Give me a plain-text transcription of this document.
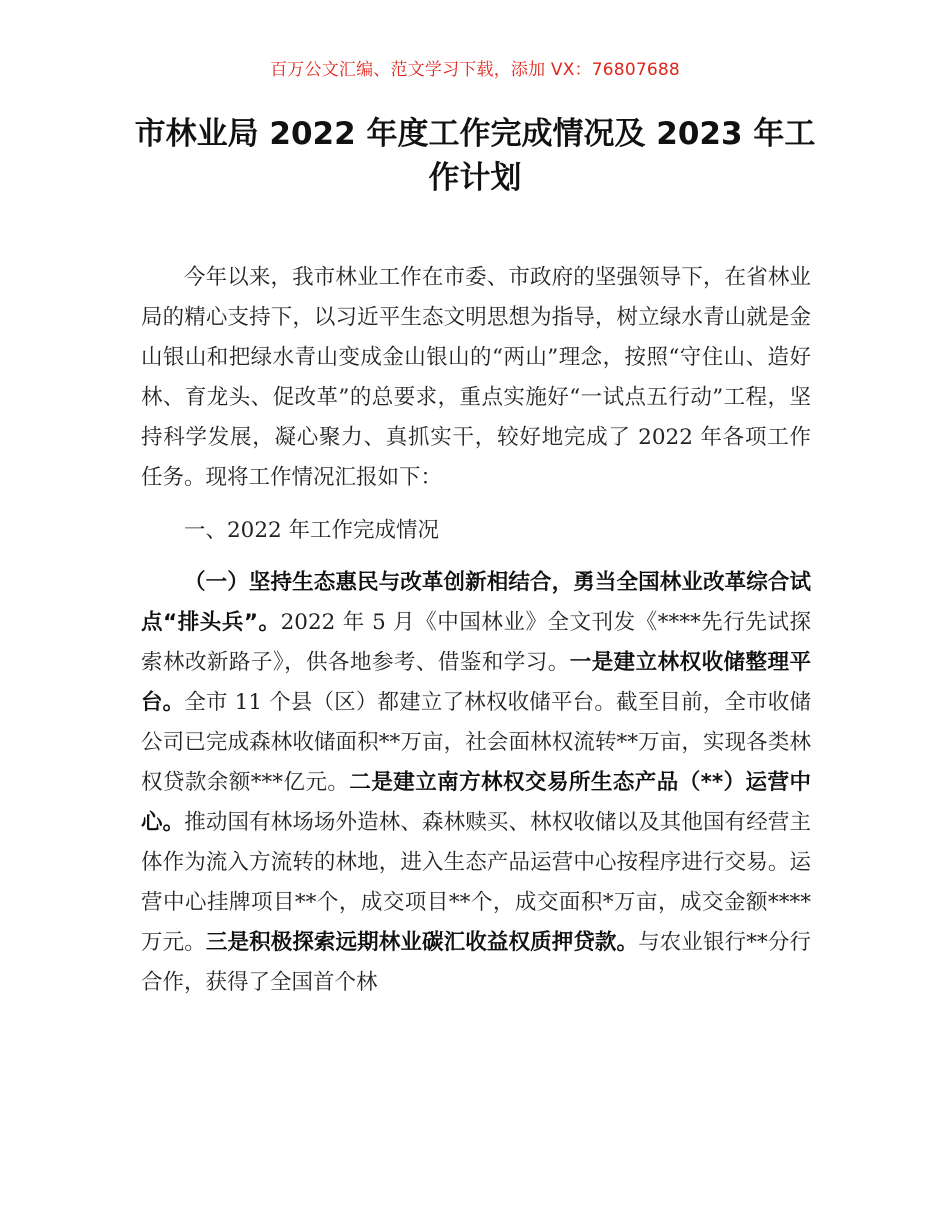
百万公文汇编、范文学习下载，添加 VX：76807688
市林业局 2022 年度工作完成情况及 2023 年工作计划

今年以来，我市林业工作在市委、市政府的坚强领导下，在省林业局的精心支持下，以习近平生态文明思想为指导，树立绿水青山就是金山银山和把绿水青山变成金山银山的“两山”理念，按照“守住山、造好林、育龙头、促改革”的总要求，重点实施好“一试点五行动”工程，坚持科学发展，凝心聚力、真抓实干，较好地完成了 2022 年各项工作任务。现将工作情况汇报如下：

一、2022 年工作完成情况

（一）坚持生态惠民与改革创新相结合，勇当全国林业改革综合试点“排头兵”。2022 年 5 月《中国林业》全文刊发《****先行先试探索林改新路子》，供各地参考、借鉴和学习。一是建立林权收储整理平台。全市 11 个县（区）都建立了林权收储平台。截至目前，全市收储公司已完成森林收储面积**万亩，社会面林权流转**万亩，实现各类林权贷款余额***亿元。二是建立南方林权交易所生态产品（**）运营中心。推动国有林场场外造林、森林赎买、林权收储以及其他国有经营主体作为流入方流转的林地，进入生态产品运营中心按程序进行交易。运营中心挂牌项目**个，成交项目**个，成交面积*万亩，成交金额****万元。三是积极探索远期林业碳汇收益权质押贷款。与农业银行**分行合作，获得了全国首个林
